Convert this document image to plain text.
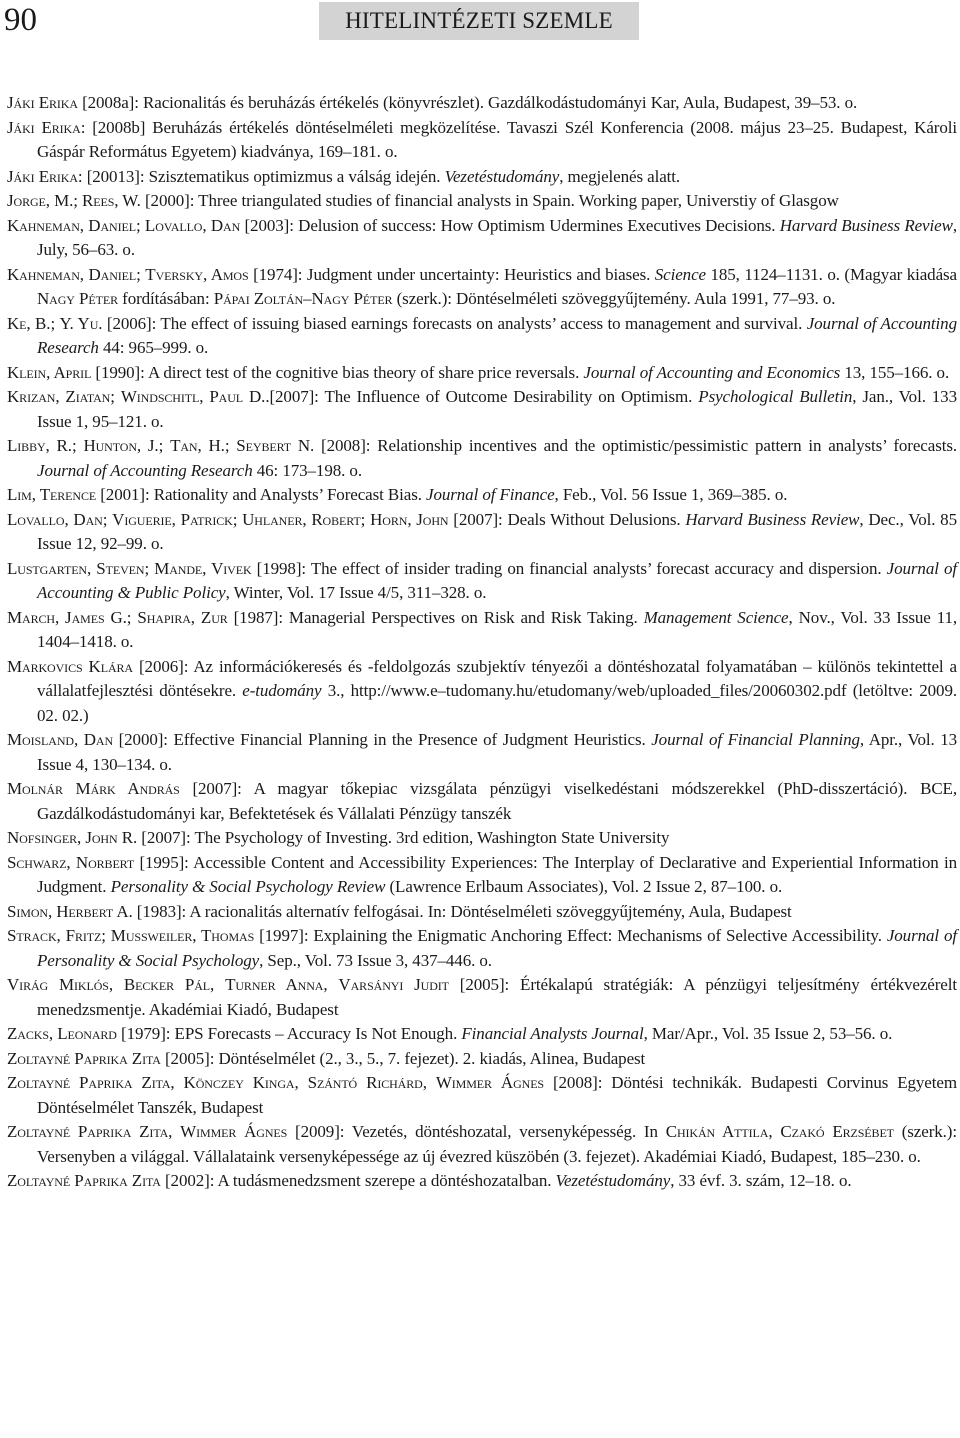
90	HITELINTÉZETI SZEMLE
Jáki Erika [2008a]: Racionalitás és beruházás értékelés (könyvrészlet). Gazdálkodástudományi Kar, Aula, Budapest, 39–53. o.
Jáki Erika: [2008b] Beruházás értékelés döntéselméleti megközelítése. Tavaszi Szél Konferencia (2008. május 23–25. Budapest, Károli Gáspár Református Egyetem) kiadványa, 169–181. o.
Jáki Erika: [20013]: Szisztematikus optimizmus a válság idején. Vezetéstudomány, megjelenés alatt.
Jorge, M.; Rees, W. [2000]: Three triangulated studies of financial analysts in Spain. Working paper, Universtiy of Glasgow
Kahneman, Daniel; Lovallo, Dan [2003]: Delusion of success: How Optimism Udermines Executives Decisions. Harvard Business Review, July, 56–63. o.
Kahneman, Daniel; Tversky, Amos [1974]: Judgment under uncertainty: Heuristics and biases. Science 185, 1124–1131. o. (Magyar kiadása Nagy Péter fordításában: Pápai Zoltán–Nagy Péter (szerk.): Döntéselméleti szöveggyűjtemény. Aula 1991, 77–93. o.
Ke, B.; Y. Yu. [2006]: The effect of issuing biased earnings forecasts on analysts’ access to management and survival. Journal of Accounting Research 44: 965–999. o.
Klein, April [1990]: A direct test of the cognitive bias theory of share price reversals. Journal of Accounting and Economics 13, 155–166. o.
Krizan, Ziatan; Windschitl, Paul D..[2007]: The Influence of Outcome Desirability on Optimism. Psychological Bulletin, Jan., Vol. 133 Issue 1, 95–121. o.
Libby, R.; Hunton, J.; Tan, H.; Seybert N. [2008]: Relationship incentives and the optimistic/pessimistic pattern in analysts’ forecasts. Journal of Accounting Research 46: 173–198. o.
Lim, Terence [2001]: Rationality and Analysts’ Forecast Bias. Journal of Finance, Feb., Vol. 56 Issue 1, 369–385. o.
Lovallo, Dan; Viguerie, Patrick; Uhlaner, Robert; Horn, John [2007]: Deals Without Delusions. Harvard Business Review, Dec., Vol. 85 Issue 12, 92–99. o.
Lustgarten, Steven; Mande, Vivek [1998]: The effect of insider trading on financial analysts’ forecast accuracy and dispersion. Journal of Accounting & Public Policy, Winter, Vol. 17 Issue 4/5, 311–328. o.
March, James G.; Shapira, Zur [1987]: Managerial Perspectives on Risk and Risk Taking. Management Science, Nov., Vol. 33 Issue 11, 1404–1418. o.
Markovics Klára [2006]: Az információkeresés és -feldolgozás szubjektív tényezői a döntéshozatal folyamatában – különös tekintettel a vállalatfejlesztési döntésekre. e-tudomány 3., http://www.e–tudomany.hu/etudomany/web/uploaded_files/20060302.pdf (letöltve: 2009. 02. 02.)
Moisland, Dan [2000]: Effective Financial Planning in the Presence of Judgment Heuristics. Journal of Financial Planning, Apr., Vol. 13 Issue 4, 130–134. o.
Molnár Márk András [2007]: A magyar tőkepiac vizsgálata pénzügyi viselkedéstani módszerekkel (PhD-disszertáció). BCE, Gazdálkodástudományi kar, Befektetések és Vállalati Pénzügy tanszék
Nofsinger, John R. [2007]: The Psychology of Investing. 3rd edition, Washington State University
Schwarz, Norbert [1995]: Accessible Content and Accessibility Experiences: The Interplay of Declarative and Experiential Information in Judgment. Personality & Social Psychology Review (Lawrence Erlbaum Associates), Vol. 2 Issue 2, 87–100. o.
Simon, Herbert A. [1983]: A racionalitás alternatív felfogásai. In: Döntéselméleti szöveggyűjtemény, Aula, Budapest
Strack, Fritz; Mussweiler, Thomas [1997]: Explaining the Enigmatic Anchoring Effect: Mechanisms of Selective Accessibility. Journal of Personality & Social Psychology, Sep., Vol. 73 Issue 3, 437–446. o.
Virág Miklós, Becker Pál, Turner Anna, Varsányi Judit [2005]: Értékalapú stratégiák: A pénzügyi teljesítmény értékvezérelt menedzsmentje. Akadémiai Kiadó, Budapest
Zacks, Leonard [1979]: EPS Forecasts – Accuracy Is Not Enough. Financial Analysts Journal, Mar/Apr., Vol. 35 Issue 2, 53–56. o.
Zoltayné Paprika Zita [2005]: Döntéselmélet (2., 3., 5., 7. fejezet). 2. kiadás, Alinea, Budapest
Zoltayné Paprika Zita, Könczey Kinga, Szántó Richárd, Wimmer Ágnes [2008]: Döntési technikák. Budapesti Corvinus Egyetem Döntéselmélet Tanszék, Budapest
Zoltayné Paprika Zita, Wimmer Ágnes [2009]: Vezetés, döntéshozatal, versenyképesség. In Chikán Attila, Czakó Erzsébet (szerk.): Versenyben a világgal. Vállalataink versenyképessége az új évezred küszöbén (3. fejezet). Akadémiai Kiadó, Budapest, 185–230. o.
Zoltayné Paprika Zita [2002]: A tudásmenedzsment szerepe a döntéshozatalban. Vezetéstudomány, 33 évf. 3. szám, 12–18. o.
